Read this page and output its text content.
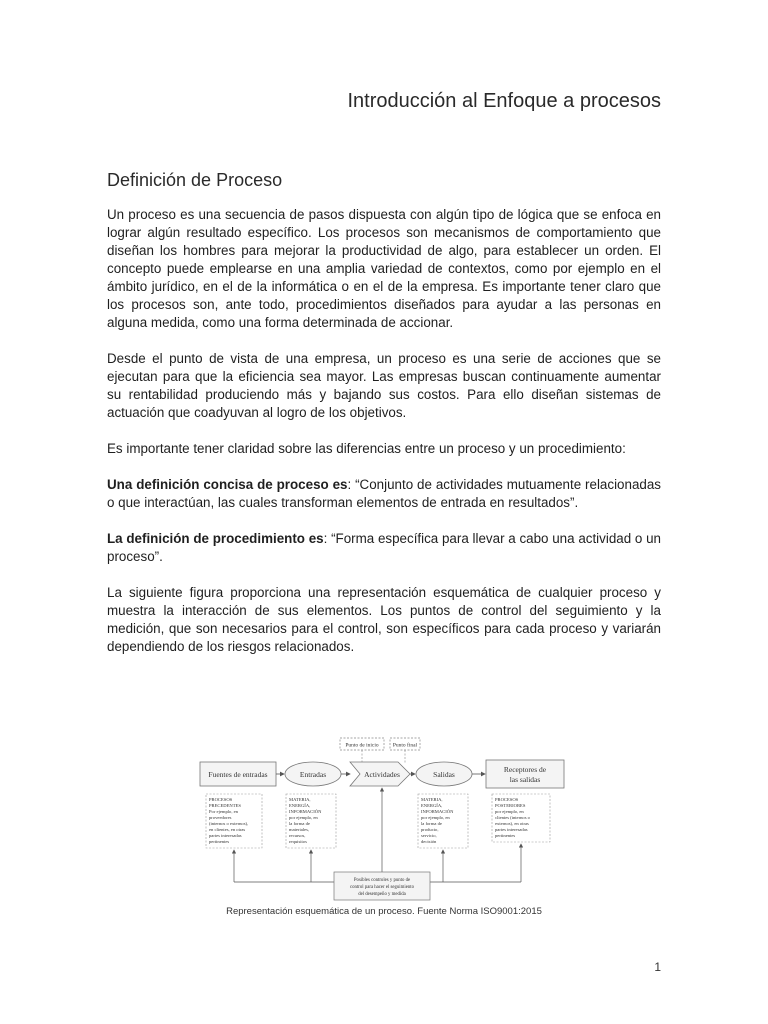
Introducción al Enfoque a procesos
Definición de Proceso

Un proceso es una secuencia de pasos dispuesta con algún tipo de lógica que se enfoca en lograr algún resultado específico. Los procesos son mecanismos de comportamiento que diseñan los hombres para mejorar la productividad de algo, para establecer un orden. El concepto puede emplearse en una amplia variedad de contextos, como por ejemplo en el ámbito jurídico, en el de la informática o en el de la empresa. Es importante tener claro que los procesos son, ante todo, procedimientos diseñados para ayudar a las personas en alguna medida, como una forma determinada de accionar.

Desde el punto de vista de una empresa, un proceso es una serie de acciones que se ejecutan para que la eficiencia sea mayor. Las empresas buscan continuamente aumentar su rentabilidad produciendo más y bajando sus costos. Para ello diseñan sistemas de actuación que coadyuvan al logro de los objetivos.

Es importante tener claridad sobre las diferencias entre un proceso y un procedimiento:

Una definición concisa de proceso es: “Conjunto de actividades mutuamente relacionadas o que interactúan, las cuales transforman elementos de entrada en resultados”.

La definición de procedimiento es: “Forma específica para llevar a cabo una actividad o un proceso”.

La siguiente figura proporciona una representación esquemática de cualquier proceso y muestra la interacción de sus elementos. Los puntos de control del seguimiento y la medición, que son necesarios para el control, son específicos para cada proceso y variarán dependiendo de los riesgos relacionados.

Punto de inicio	Punto final
Fuentes de entradas	Entradas	Actividades	Salidas
Receptores de
las salidas
PROCESOS
PRECEDENTES
Por ejemplo, en
proveedores
(internos o externos),
en clientes, en otras
partes interesadas
pertinentes
MATERIA,
ENERGÍA,
INFORMACIÓN
por ejemplo, en
la forma de
materiales,
recursos,
requisitos
MATERIA,
ENERGÍA,
INFORMACIÓN
por ejemplo, en
la forma de
producto,
servicio,
decisión
PROCESOS
POSTERIORES
por ejemplo, en
clientes (internos o
externos), en otras
partes interesadas
pertinentes
Posibles controles y punto de
control para hacer el seguimiento
del desempeño y medida
Representación esquemática de un proceso. Fuente Norma ISO9001:2015
1
